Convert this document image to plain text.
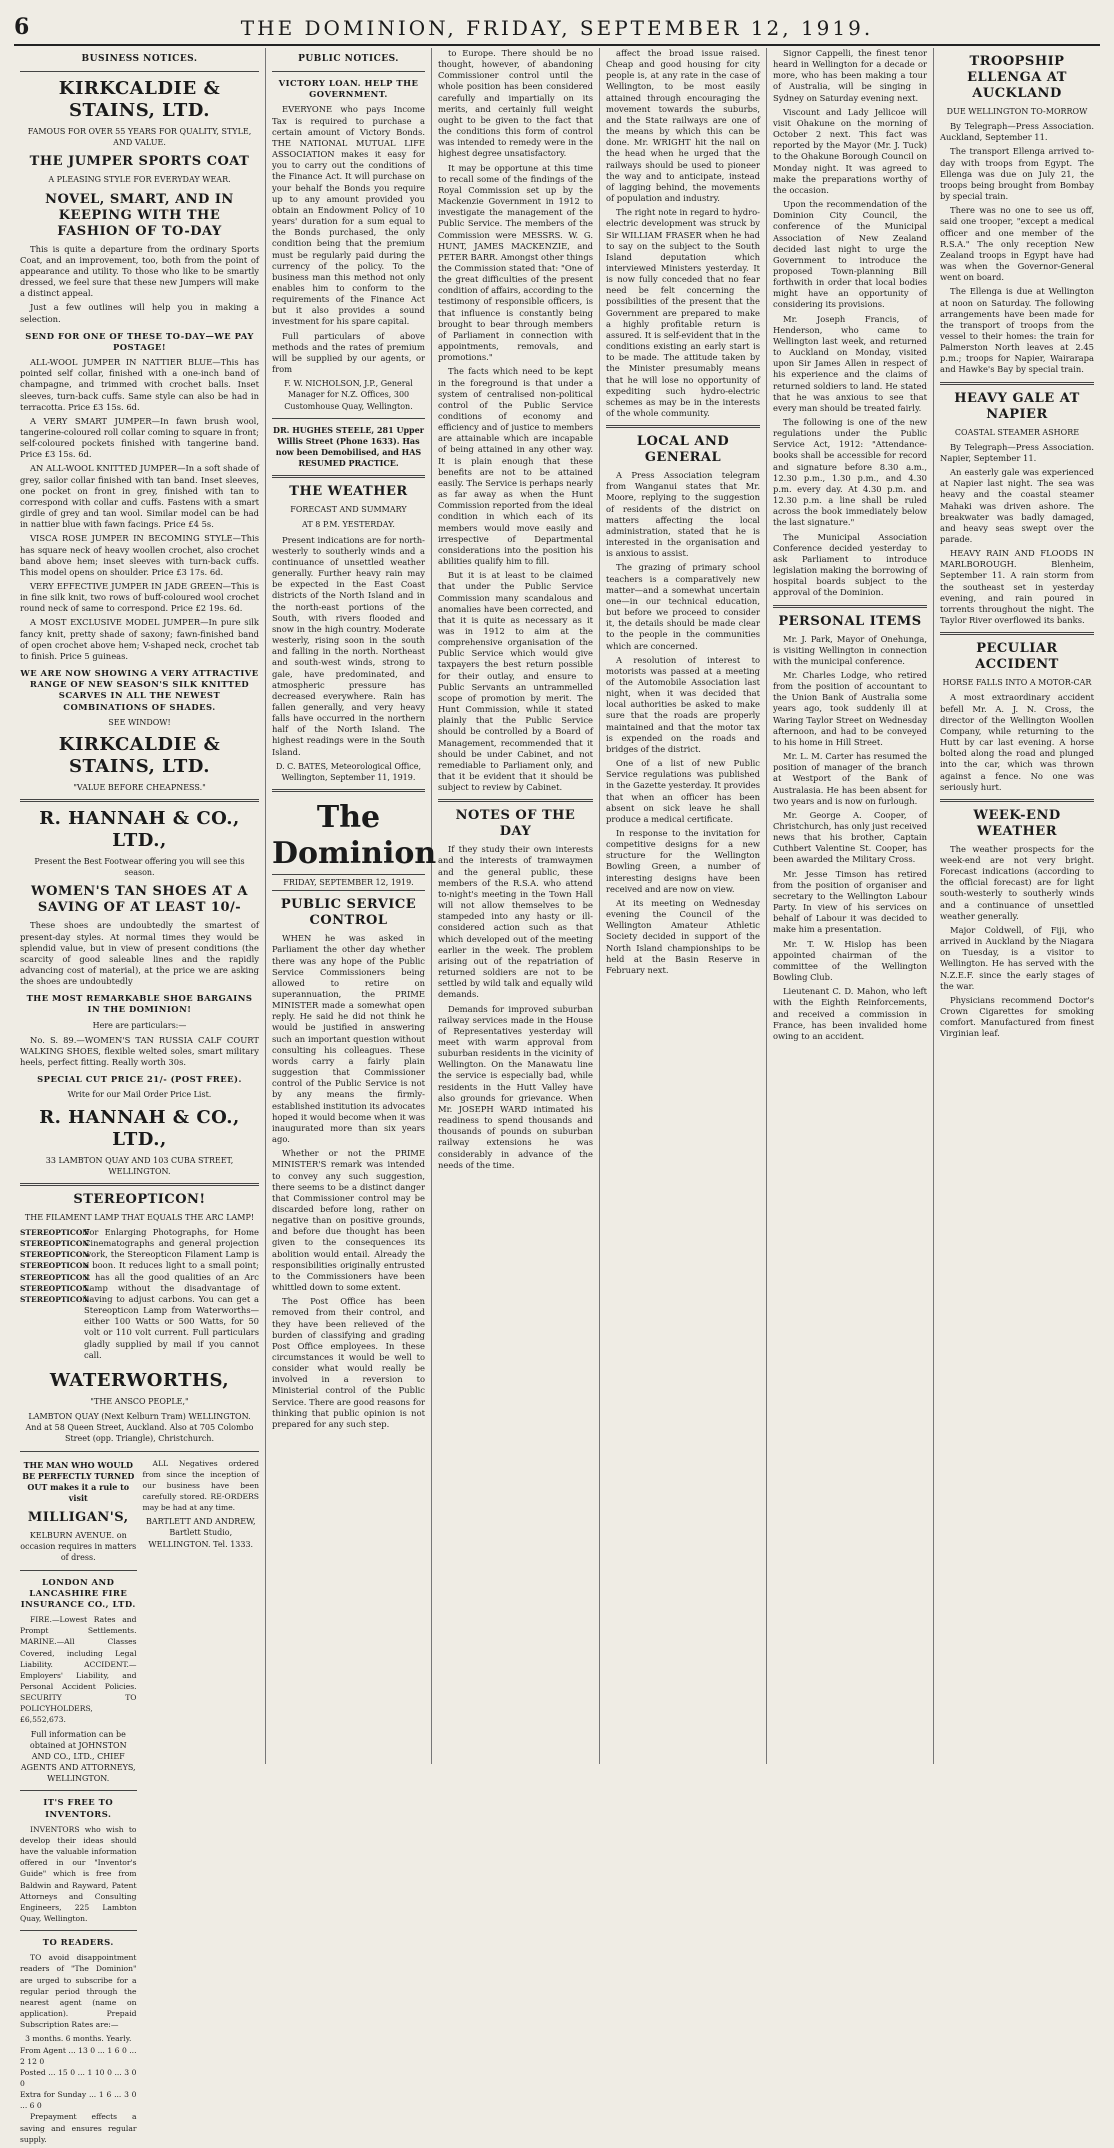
6	THE DOMINION, FRIDAY, SEPTEMBER 12, 1919.
BUSINESS NOTICES.
KIRKCALDIE & STAINS, LTD.
FAMOUS FOR OVER 55 YEARS FOR QUALITY, STYLE, AND VALUE.
THE JUMPER SPORTS COAT
A PLEASING STYLE FOR EVERYDAY WEAR.
NOVEL, SMART, AND IN KEEPING WITH THE FASHION OF TO-DAY

This is quite a departure from the ordinary Sports Coat, and an improvement, too, both from the point of appearance and utility. To those who like to be smartly dressed, we feel sure that these new Jumpers will make a distinct appeal.

Just a few outlines will help you in making a selection.

SEND FOR ONE OF THESE TO-DAY—WE PAY POSTAGE!

ALL-WOOL JUMPER IN NATTIER BLUE—This has pointed self collar, finished with a one-inch band of champagne, and trimmed with crochet balls. Inset sleeves, turn-back cuffs. Same style can also be had in terracotta. Price £3 15s. 6d.

A VERY SMART JUMPER—In fawn brush wool, tangerine-coloured roll collar coming to square in front; self-coloured pockets finished with tangerine band. Price £3 15s. 6d.

AN ALL-WOOL KNITTED JUMPER—In a soft shade of grey, sailor collar finished with tan band. Inset sleeves, one pocket on front in grey, finished with tan to correspond with collar and cuffs. Fastens with a smart girdle of grey and tan wool. Similar model can be had in nattier blue with fawn facings. Price £4 5s.

VISCA ROSE JUMPER IN BECOMING STYLE—This has square neck of heavy woollen crochet, also crochet band above hem; inset sleeves with turn-back cuffs. This model opens on shoulder. Price £3 17s. 6d.

VERY EFFECTIVE JUMPER IN JADE GREEN—This is in fine silk knit, two rows of buff-coloured wool crochet round neck of same to correspond. Price £2 19s. 6d.

A MOST EXCLUSIVE MODEL JUMPER—In pure silk fancy knit, pretty shade of saxony; fawn-finished band of open crochet above hem; V-shaped neck, crochet tab to finish. Price 5 guineas.

WE ARE NOW SHOWING A VERY ATTRACTIVE RANGE OF NEW SEASON'S SILK KNITTED SCARVES IN ALL THE NEWEST COMBINATIONS OF SHADES.
SEE WINDOW!
KIRKCALDIE & STAINS, LTD.
"VALUE BEFORE CHEAPNESS."
R. HANNAH & CO., LTD.,
Present the Best Footwear offering you will see this season.
WOMEN'S TAN SHOES AT A SAVING OF AT LEAST 10/-

These shoes are undoubtedly the smartest of present-day styles. At normal times they would be splendid value, but in view of present conditions (the scarcity of good saleable lines and the rapidly advancing cost of material), at the price we are asking the shoes are undoubtedly

THE MOST REMARKABLE SHOE BARGAINS IN THE DOMINION!
Here are particulars:—

No. S. 89.—WOMEN'S TAN RUSSIA CALF COURT WALKING SHOES, flexible welted soles, smart military heels, perfect fitting. Really worth 30s.

SPECIAL CUT PRICE 21/- (POST FREE).
Write for our Mail Order Price List.
R. HANNAH & CO., LTD.,
33 LAMBTON QUAY AND 103 CUBA STREET, WELLINGTON.
STEREOPTICON!
THE FILAMENT LAMP THAT EQUALS THE ARC LAMP!
STEREOPTICON
STEREOPTICON
STEREOPTICON
STEREOPTICON
STEREOPTICON
STEREOPTICON
STEREOPTICON

For Enlarging Photographs, for Home Cinematographs and general projection work, the Stereopticon Filament Lamp is a boon. It reduces light to a small point; it has all the good qualities of an Arc Lamp without the disadvantage of having to adjust carbons. You can get a Stereopticon Lamp from Waterworths—either 100 Watts or 500 Watts, for 50 volt or 110 volt current. Full particulars gladly supplied by mail if you cannot call.

WATERWORTHS,
"THE ANSCO PEOPLE,"
LAMBTON QUAY (Next Kelburn Tram) WELLINGTON. And at 58 Queen Street, Auckland. Also at 705 Colombo Street (opp. Triangle), Christchurch.
THE MAN WHO WOULD BE PERFECTLY TURNED OUT makes it a rule to visit
MILLIGAN'S,
KELBURN AVENUE. on occasion requires in matters of dress.
LONDON AND LANCASHIRE FIRE INSURANCE CO., LTD.

FIRE.—Lowest Rates and Prompt Settlements. MARINE.—All Classes Covered, including Legal Liability. ACCIDENT.—Employers' Liability, and Personal Accident Policies. SECURITY TO POLICYHOLDERS, £6,552,673.

Full information can be obtained at JOHNSTON AND CO., LTD., CHIEF AGENTS AND ATTORNEYS, WELLINGTON.
IT'S FREE TO INVENTORS.

INVENTORS who wish to develop their ideas should have the valuable information offered in our "Inventor's Guide" which is free from Baldwin and Rayward, Patent Attorneys and Consulting Engineers, 225 Lambton Quay, Wellington.

TO READERS.

TO avoid disappointment readers of "The Dominion" are urged to subscribe for a regular period through the nearest agent (name on application). Prepaid Subscription Rates are:—

3 months. 6 months. Yearly.
From Agent ... 13 0 ... 1 6 0 ... 2 12 0
Posted ... 15 0 ... 1 10 0 ... 3 0 0
Extra for Sunday ... 1 6 ... 3 0 ... 6 0

Prepayment effects a saving and ensures regular supply.

ALL Negatives ordered from since the inception of our business have been carefully stored. RE-ORDERS may be had at any time.

BARTLETT AND ANDREW, Bartlett Studio, WELLINGTON. Tel. 1333.
PUBLIC NOTICES.
VICTORY LOAN. HELP THE GOVERNMENT.

EVERYONE who pays Income Tax is required to purchase a certain amount of Victory Bonds. THE NATIONAL MUTUAL LIFE ASSOCIATION makes it easy for you to carry out the conditions of the Finance Act. It will purchase on your behalf the Bonds you require up to any amount provided you obtain an Endowment Policy of 10 years' duration for a sum equal to the Bonds purchased, the only condition being that the premium must be regularly paid during the currency of the policy. To the business man this method not only enables him to conform to the requirements of the Finance Act but it also provides a sound investment for his spare capital.

Full particulars of above methods and the rates of premium will be supplied by our agents, or from

F. W. NICHOLSON, J.P., General Manager for N.Z. Offices, 300 Customhouse Quay, Wellington.
DR. HUGHES STEELE, 281 Upper Willis Street (Phone 1633). Has now been Demobilised, and HAS RESUMED PRACTICE.
THE WEATHER
FORECAST AND SUMMARY
AT 8 P.M. YESTERDAY.

Present indications are for north-westerly to southerly winds and a continuance of unsettled weather generally. Further heavy rain may be expected in the East Coast districts of the North Island and in the north-east portions of the South, with rivers flooded and snow in the high country. Moderate westerly, rising soon in the south and falling in the north. Northeast and south-west winds, strong to gale, have predominated, and atmospheric pressure has decreased everywhere. Rain has fallen generally, and very heavy falls have occurred in the northern half of the North Island. The highest readings were in the South Island.

D. C. BATES, Meteorological Office, Wellington, September 11, 1919.
The Dominion
FRIDAY, SEPTEMBER 12, 1919.
PUBLIC SERVICE CONTROL

WHEN he was asked in Parliament the other day whether there was any hope of the Public Service Commissioners being allowed to retire on superannuation, the PRIME MINISTER made a somewhat open reply. He said he did not think he would be justified in answering such an important question without consulting his colleagues. These words carry a fairly plain suggestion that Commissioner control of the Public Service is not by any means the firmly-established institution its advocates hoped it would become when it was inaugurated more than six years ago.

Whether or not the PRIME MINISTER'S remark was intended to convey any such suggestion, there seems to be a distinct danger that Commissioner control may be discarded before long, rather on negative than on positive grounds, and before due thought has been given to the consequences its abolition would entail. Already the responsibilities originally entrusted to the Commissioners have been whittled down to some extent.

The Post Office has been removed from their control, and they have been relieved of the burden of classifying and grading Post Office employees. In these circumstances it would be well to consider what would really be involved in a reversion to Ministerial control of the Public Service. There are good reasons for thinking that public opinion is not prepared for any such step.

to Europe. There should be no thought, however, of abandoning Commissioner control until the whole position has been considered carefully and impartially on its merits, and certainly full weight ought to be given to the fact that the conditions this form of control was intended to remedy were in the highest degree unsatisfactory.

It may be opportune at this time to recall some of the findings of the Royal Commission set up by the Mackenzie Government in 1912 to investigate the management of the Public Service. The members of the Commission were MESSRS. W. G. HUNT, JAMES MACKENZIE, and PETER BARR. Amongst other things the Commission stated that: "One of the great difficulties of the present condition of affairs, according to the testimony of responsible officers, is that influence is constantly being brought to bear through members of Parliament in connection with appointments, removals, and promotions."

The facts which need to be kept in the foreground is that under a system of centralised non-political control of the Public Service conditions of economy and efficiency and of justice to members are attainable which are incapable of being attained in any other way. It is plain enough that these benefits are not to be attained easily. The Service is perhaps nearly as far away as when the Hunt Commission reported from the ideal condition in which each of its members would move easily and irrespective of Departmental considerations into the position his abilities qualify him to fill.

But it is at least to be claimed that under the Public Service Commission many scandalous and anomalies have been corrected, and that it is quite as necessary as it was in 1912 to aim at the comprehensive organisation of the Public Service which would give taxpayers the best return possible for their outlay, and ensure to Public Servants an untrammelled scope of promotion by merit. The Hunt Commission, while it stated plainly that the Public Service should be controlled by a Board of Management, recommended that it should be under Cabinet, and not remediable to Parliament only, and that it be evident that it should be subject to review by Cabinet.

NOTES OF THE DAY

If they study their own interests and the interests of tramwaymen and the general public, these members of the R.S.A. who attend to-night's meeting in the Town Hall will not allow themselves to be stampeded into any hasty or ill-considered action such as that which developed out of the meeting earlier in the week. The problem arising out of the repatriation of returned soldiers are not to be settled by wild talk and equally wild demands.

Demands for improved suburban railway services made in the House of Representatives yesterday will meet with warm approval from suburban residents in the vicinity of Wellington. On the Manawatu line the service is especially bad, while residents in the Hutt Valley have also grounds for grievance. When Mr. JOSEPH WARD intimated his readiness to spend thousands and thousands of pounds on suburban railway extensions he was considerably in advance of the needs of the time.

affect the broad issue raised. Cheap and good housing for city people is, at any rate in the case of Wellington, to be most easily attained through encouraging the movement towards the suburbs, and the State railways are one of the means by which this can be done. Mr. WRIGHT hit the nail on the head when he urged that the railways should be used to pioneer the way and to anticipate, instead of lagging behind, the movements of population and industry.

The right note in regard to hydro-electric development was struck by Sir WILLIAM FRASER when he had to say on the subject to the South Island deputation which interviewed Ministers yesterday. It is now fully conceded that no fear need be felt concerning the possibilities of the present that the Government are prepared to make a highly profitable return is assured. It is self-evident that in the conditions existing an early start is to be made. The attitude taken by the Minister presumably means that he will lose no opportunity of expediting such hydro-electric schemes as may be in the interests of the whole community.

LOCAL AND GENERAL

A Press Association telegram from Wanganui states that Mr. Moore, replying to the suggestion of residents of the district on matters affecting the local administration, stated that he is interested in the organisation and is anxious to assist.

The grazing of primary school teachers is a comparatively new matter—and a somewhat uncertain one—in our technical education, but before we proceed to consider it, the details should be made clear to the people in the communities which are concerned.

A resolution of interest to motorists was passed at a meeting of the Automobile Association last night, when it was decided that local authorities be asked to make sure that the roads are properly maintained and that the motor tax is expended on the roads and bridges of the district.

One of a list of new Public Service regulations was published in the Gazette yesterday. It provides that when an officer has been absent on sick leave he shall produce a medical certificate.

In response to the invitation for competitive designs for a new structure for the Wellington Bowling Green, a number of interesting designs have been received and are now on view.

At its meeting on Wednesday evening the Council of the Wellington Amateur Athletic Society decided in support of the North Island championships to be held at the Basin Reserve in February next.

Signor Cappelli, the finest tenor heard in Wellington for a decade or more, who has been making a tour of Australia, will be singing in Sydney on Saturday evening next.

Viscount and Lady Jellicoe will visit Ohakune on the morning of October 2 next. This fact was reported by the Mayor (Mr. J. Tuck) to the Ohakune Borough Council on Monday night. It was agreed to make the preparations worthy of the occasion.

Upon the recommendation of the Dominion City Council, the conference of the Municipal Association of New Zealand decided last night to urge the Government to introduce the proposed Town-planning Bill forthwith in order that local bodies might have an opportunity of considering its provisions.

Mr. Joseph Francis, of Henderson, who came to Wellington last week, and returned to Auckland on Monday, visited upon Sir James Allen in respect of his experience and the claims of returned soldiers to land. He stated that he was anxious to see that every man should be treated fairly.

The following is one of the new regulations under the Public Service Act, 1912: "Attendance-books shall be accessible for record and signature before 8.30 a.m., 12.30 p.m., 1.30 p.m., and 4.30 p.m. every day. At 4.30 p.m. and 12.30 p.m. a line shall be ruled across the book immediately below the last signature."

The Municipal Association Conference decided yesterday to ask Parliament to introduce legislation making the borrowing of hospital boards subject to the approval of the Dominion.

PERSONAL ITEMS

Mr. J. Park, Mayor of Onehunga, is visiting Wellington in connection with the municipal conference.

Mr. Charles Lodge, who retired from the position of accountant to the Union Bank of Australia some years ago, took suddenly ill at Waring Taylor Street on Wednesday afternoon, and had to be conveyed to his home in Hill Street.

Mr. L. M. Carter has resumed the position of manager of the branch at Westport of the Bank of Australasia. He has been absent for two years and is now on furlough.

Mr. George A. Cooper, of Christchurch, has only just received news that his brother, Captain Cuthbert Valentine St. Cooper, has been awarded the Military Cross.

Mr. Jesse Timson has retired from the position of organiser and secretary to the Wellington Labour Party. In view of his services on behalf of Labour it was decided to make him a presentation.

Mr. T. W. Hislop has been appointed chairman of the committee of the Wellington Bowling Club.

Lieutenant C. D. Mahon, who left with the Eighth Reinforcements, and received a commission in France, has been invalided home owing to an accident.

TROOPSHIP ELLENGA AT AUCKLAND
DUE WELLINGTON TO-MORROW

By Telegraph—Press Association. Auckland, September 11.

The transport Ellenga arrived to-day with troops from Egypt. The Ellenga was due on July 21, the troops being brought from Bombay by special train.

There was no one to see us off, said one trooper, "except a medical officer and one member of the R.S.A." The only reception New Zealand troops in Egypt have had was when the Governor-General went on board.

The Ellenga is due at Wellington at noon on Saturday. The following arrangements have been made for the transport of troops from the vessel to their homes: the train for Palmerston North leaves at 2.45 p.m.; troops for Napier, Wairarapa and Hawke's Bay by special train.

HEAVY GALE AT NAPIER
COASTAL STEAMER ASHORE

By Telegraph—Press Association. Napier, September 11.

An easterly gale was experienced at Napier last night. The sea was heavy and the coastal steamer Mahaki was driven ashore. The breakwater was badly damaged, and heavy seas swept over the parade.

HEAVY RAIN AND FLOODS IN MARLBOROUGH. Blenheim, September 11. A rain storm from the southeast set in yesterday evening, and rain poured in torrents throughout the night. The Taylor River overflowed its banks.

PECULIAR ACCIDENT
HORSE FALLS INTO A MOTOR-CAR

A most extraordinary accident befell Mr. A. J. N. Cross, the director of the Wellington Woollen Company, while returning to the Hutt by car last evening. A horse bolted along the road and plunged into the car, which was thrown against a fence. No one was seriously hurt.

WEEK-END WEATHER

The weather prospects for the week-end are not very bright. Forecast indications (according to the official forecast) are for light south-westerly to southerly winds and a continuance of unsettled weather generally.

Major Coldwell, of Fiji, who arrived in Auckland by the Niagara on Tuesday, is a visitor to Wellington. He has served with the N.Z.E.F. since the early stages of the war.

Physicians recommend Doctor's Crown Cigarettes for smoking comfort. Manufactured from finest Virginian leaf.
